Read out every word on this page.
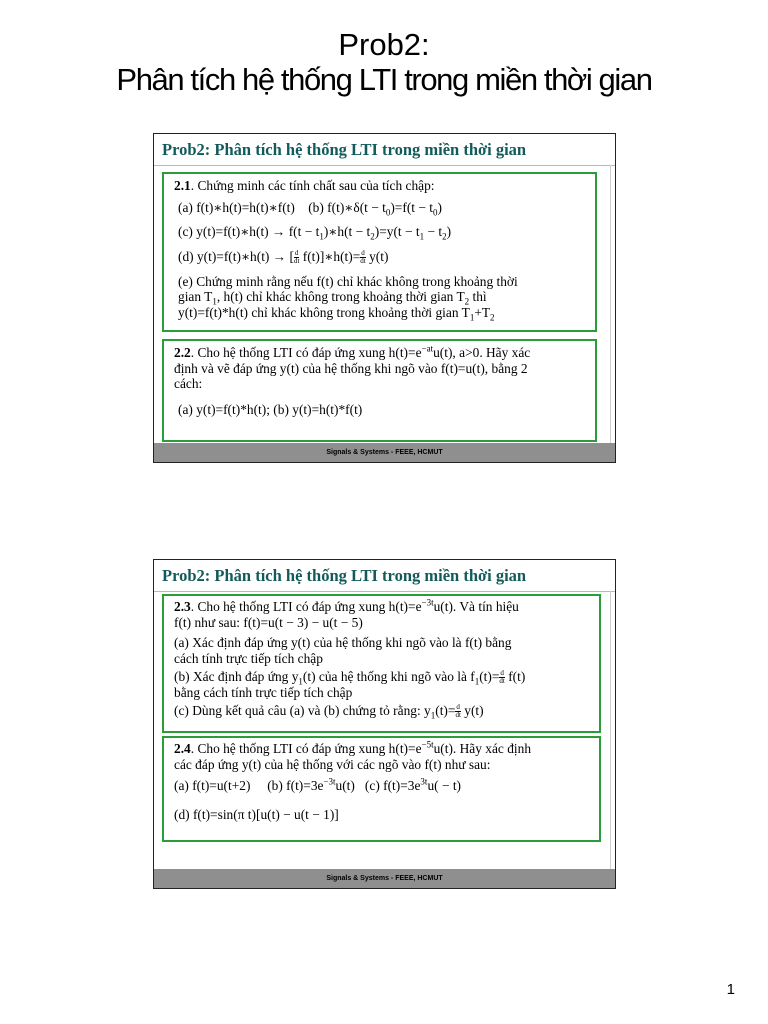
Prob2:
Phân tích hệ thống LTI trong miền thời gian
Prob2: Phân tích hệ thống LTI trong miền thời gian
2.1. Chứng minh các tính chất sau của tích chập:
(a) f(t)∗h(t)=h(t)∗f(t) (b) f(t)∗δ(t − $t_0)=f(t - t_0)$
(c) y(t)=f(t)∗h(t) → $f(t - t_1)∗h(t - t_2)=y(t - t_1 - t_2)$
(d) y(t)=f(t)∗h(t) → [ $\frac{d}{dt}$ f(t)]∗h(t)= $\frac{d}{dt} y(t)$
(e) Chứng minh rằng nếu f(t) chỉ khác không trong khoảng thời
gian $T_1$, h(t) chỉ khác không trong khoảng thời gian $T_2$ thì
y(t)=f(t)*h(t) chỉ khác không trong khoảng thời gian $T_1+T_2$
2.2. Cho hệ thống LTI có đáp ứng xung $h(t)=e^{-at}u(t)$, a>0. Hãy xác
định và vẽ đáp ứng y(t) của hệ thống khi ngõ vào f(t)=u(t), bằng 2
cách:
(a) y(t)=f(t)*h(t); (b) y(t)=h(t)*f(t)
Signals & Systems - FEEE, HCMUT
Prob2: Phân tích hệ thống LTI trong miền thời gian
2.3. Cho hệ thống LTI có đáp ứng xung $h(t)=e^{-3t}u(t)$. Và tín hiệu
f(t) như sau: f(t)=u(t − 3) − u(t − 5)
(a) Xác định đáp ứng y(t) của hệ thống khi ngõ vào là f(t) bằng
cách tính trực tiếp tích chập
(b) Xác định đáp ứng $y_1(t)$ của hệ thống khi ngõ vào là $f_1(t)= \frac{d}{dt} f(t)$
bằng cách tính trực tiếp tích chập
(c) Dùng kết quả câu (a) và (b) chứng tỏ rằng: $y_1(t)= \frac{d}{dt} y(t)$
2.4. Cho hệ thống LTI có đáp ứng xung $h(t)=e^{-5t}u(t)$. Hãy xác định
các đáp ứng y(t) của hệ thống với các ngõ vào f(t) như sau:
(a) f(t)=u(t+2) (b) $f(t)=3e^{-3t}u(t)$ (c) $f(t)=3e^{3t}u( - t)$
(d) f(t)=sin(π t)[u(t) − u(t − 1)]
Signals & Systems - FEEE, HCMUT
1
